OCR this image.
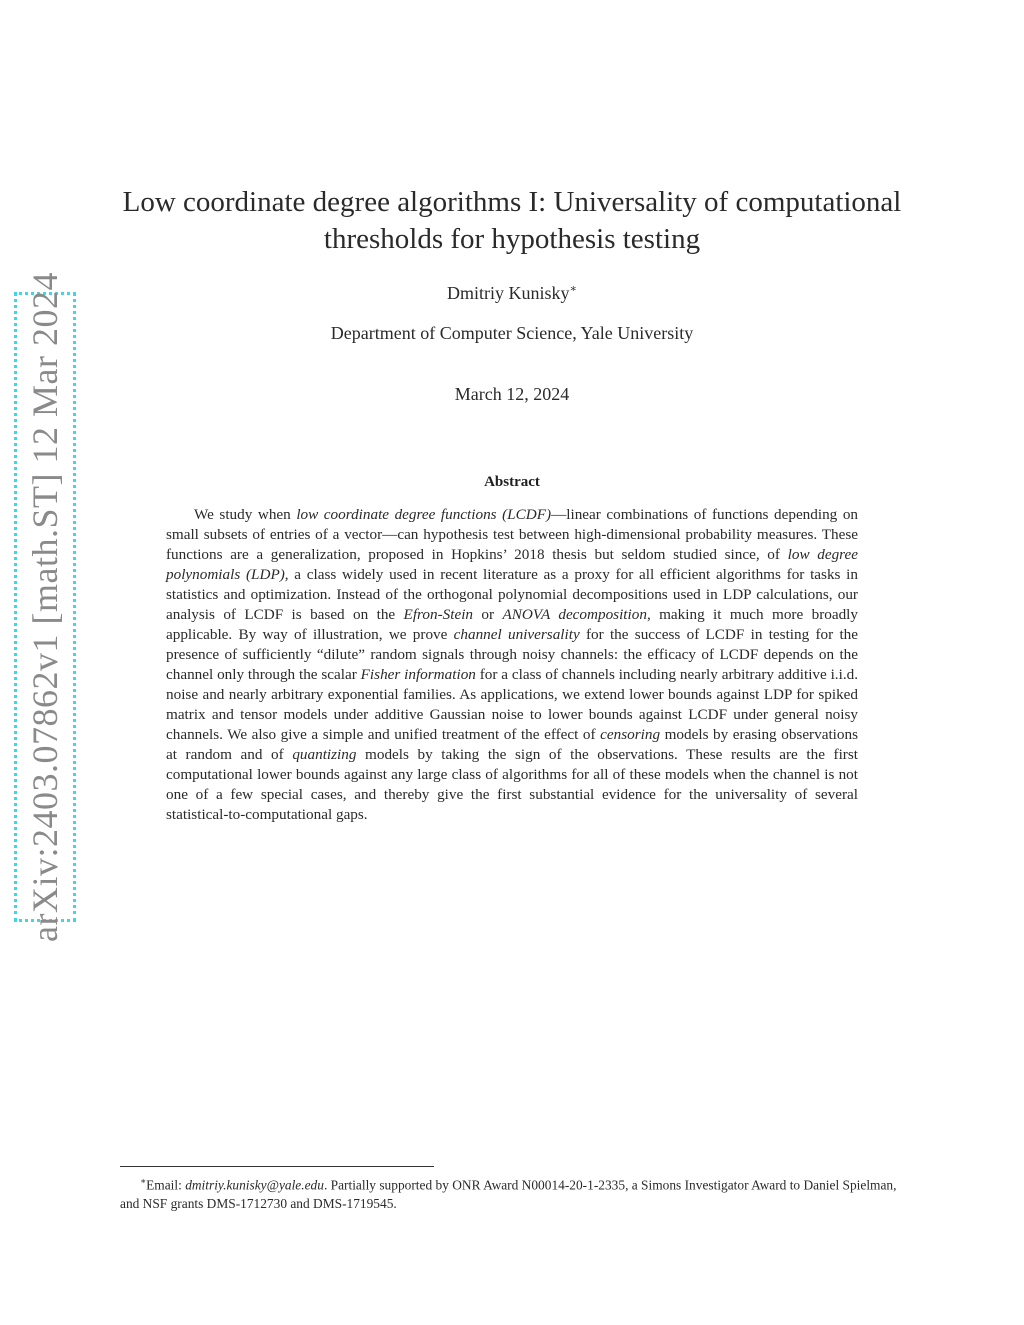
arXiv:2403.07862v1 [math.ST] 12 Mar 2024
Low coordinate degree algorithms I: Universality of computational
thresholds for hypothesis testing
Dmitriy Kunisky∗
Department of Computer Science, Yale University
March 12, 2024
Abstract

We study when low coordinate degree functions (LCDF)—linear combinations of functions depending on small subsets of entries of a vector—can hypothesis test between high-dimensional probability measures. These functions are a generalization, proposed in Hopkins’ 2018 thesis but seldom studied since, of low degree polynomials (LDP), a class widely used in recent literature as a proxy for all efficient algorithms for tasks in statistics and optimization. Instead of the orthogonal polynomial decompositions used in LDP calculations, our analysis of LCDF is based on the Efron-Stein or ANOVA decomposition, making it much more broadly applicable. By way of illustration, we prove channel universality for the success of LCDF in testing for the presence of sufficiently “dilute” random signals through noisy channels: the efficacy of LCDF depends on the channel only through the scalar Fisher information for a class of channels including nearly arbitrary additive i.i.d. noise and nearly arbitrary exponential families. As applications, we extend lower bounds against LDP for spiked matrix and tensor models under additive Gaussian noise to lower bounds against LCDF under general noisy channels. We also give a simple and unified treatment of the effect of censoring models by erasing observations at random and of quantizing models by taking the sign of the observations. These results are the first computational lower bounds against any large class of algorithms for all of these models when the channel is not one of a few special cases, and thereby give the first substantial evidence for the universality of several statistical-to-computational gaps.

∗Email: dmitriy.kunisky@yale.edu. Partially supported by ONR Award N00014-20-1-2335, a Simons Investigator Award to Daniel Spielman, and NSF grants DMS-1712730 and DMS-1719545.
